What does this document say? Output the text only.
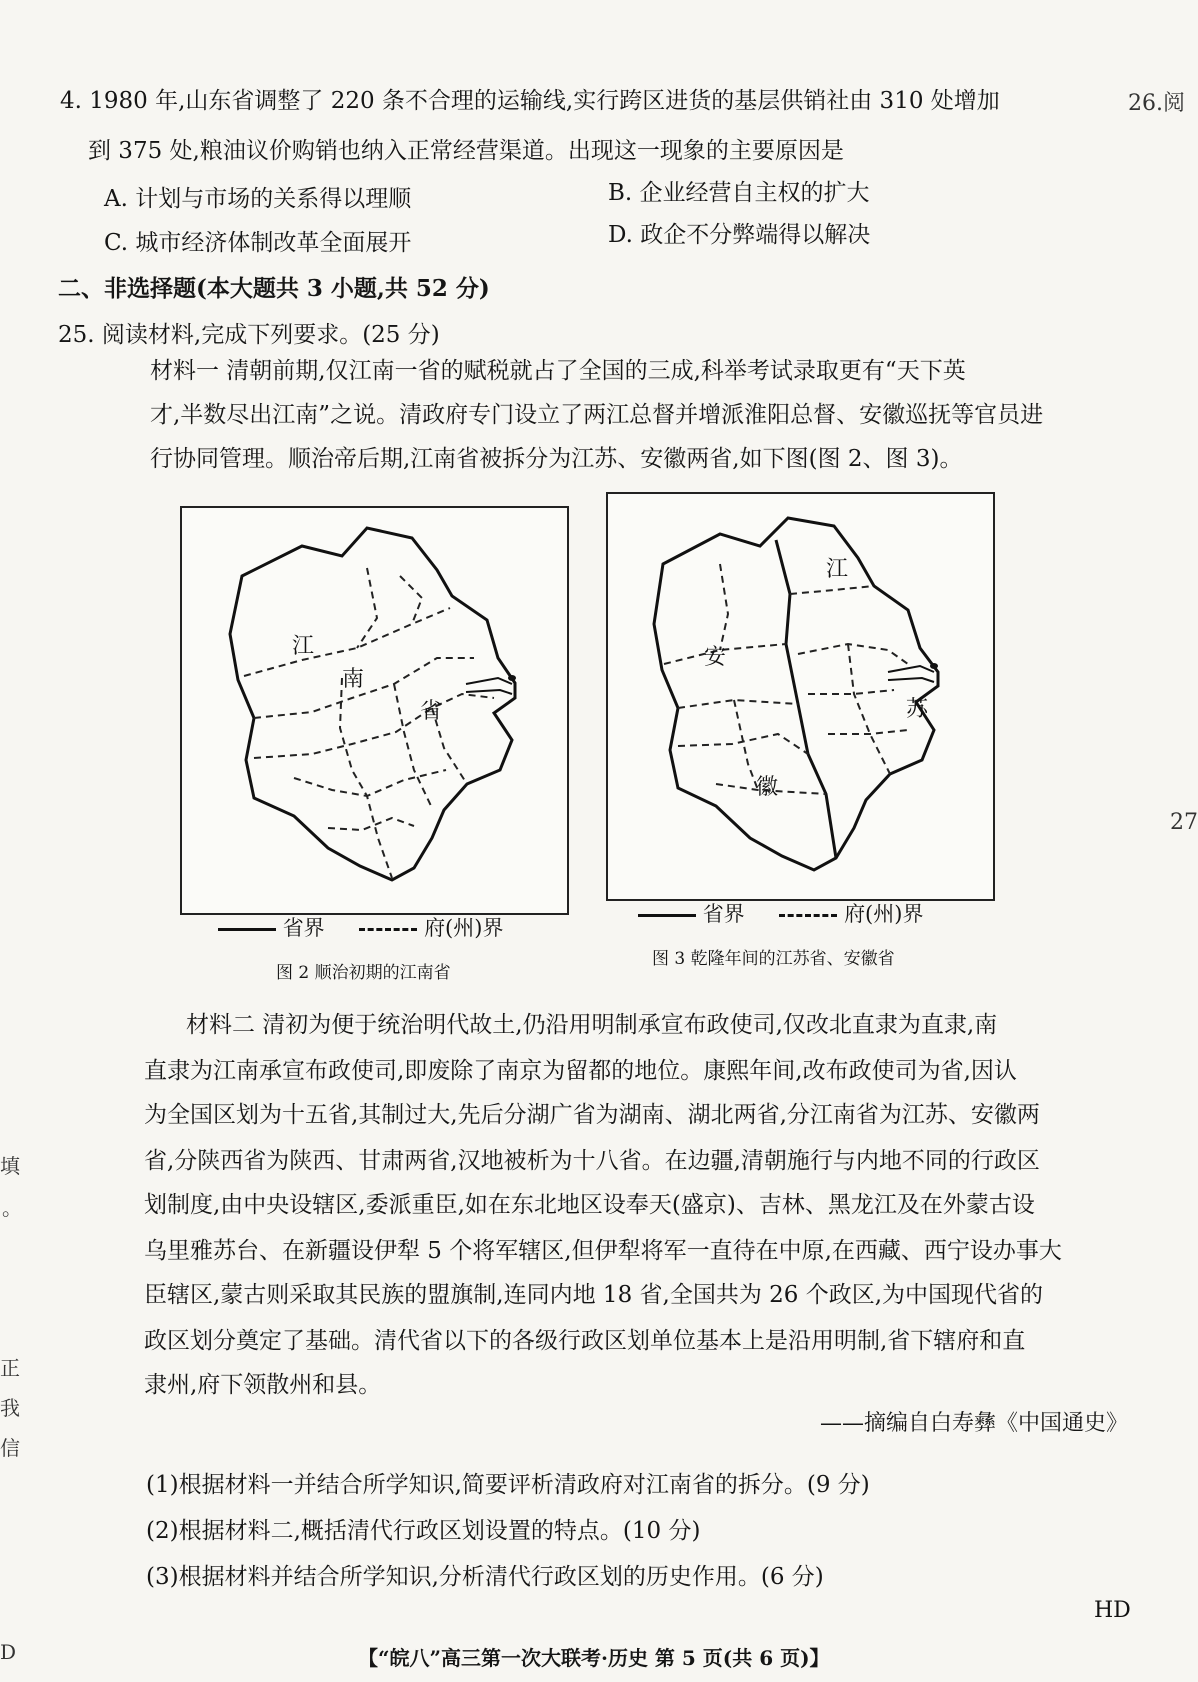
26.阅
27
填
。
正
我
信
D
4. 1980 年,山东省调整了 220 条不合理的运输线,实行跨区进货的基层供销社由 310 处增加
到 375 处,粮油议价购销也纳入正常经营渠道。出现这一现象的主要原因是
A. 计划与市场的关系得以理顺	B. 企业经营自主权的扩大
C. 城市经济体制改革全面展开	D. 政企不分弊端得以解决
二、非选择题(本大题共 3 小题,共 52 分)
25. 阅读材料,完成下列要求。(25 分)
材料一 清朝前期,仅江南一省的赋税就占了全国的三成,科举考试录取更有“天下英
才,半数尽出江南”之说。清政府专门设立了两江总督并增派淮阳总督、安徽巡抚等官员进
行协同管理。顺治帝后期,江南省被拆分为江苏、安徽两省,如下图(图 2、图 3)。
江
南
省
省界	府(州)界
图 2 顺治初期的江南省
江
安
苏
徽
省界	府(州)界
图 3 乾隆年间的江苏省、安徽省
材料二 清初为便于统治明代故土,仍沿用明制承宣布政使司,仅改北直隶为直隶,南
直隶为江南承宣布政使司,即废除了南京为留都的地位。康熙年间,改布政使司为省,因认
为全国区划为十五省,其制过大,先后分湖广省为湖南、湖北两省,分江南省为江苏、安徽两
省,分陕西省为陕西、甘肃两省,汉地被析为十八省。在边疆,清朝施行与内地不同的行政区
划制度,由中央设辖区,委派重臣,如在东北地区设奉天(盛京)、吉林、黑龙江及在外蒙古设
乌里雅苏台、在新疆设伊犁 5 个将军辖区,但伊犁将军一直待在中原,在西藏、西宁设办事大
臣辖区,蒙古则采取其民族的盟旗制,连同内地 18 省,全国共为 26 个政区,为中国现代省的
政区划分奠定了基础。清代省以下的各级行政区划单位基本上是沿用明制,省下辖府和直
隶州,府下领散州和县。
——摘编自白寿彝《中国通史》
(1)根据材料一并结合所学知识,简要评析清政府对江南省的拆分。(9 分)
(2)根据材料二,概括清代行政区划设置的特点。(10 分)
(3)根据材料并结合所学知识,分析清代行政区划的历史作用。(6 分)
HD
【“皖八”高三第一次大联考·历史 第 5 页(共 6 页)】
